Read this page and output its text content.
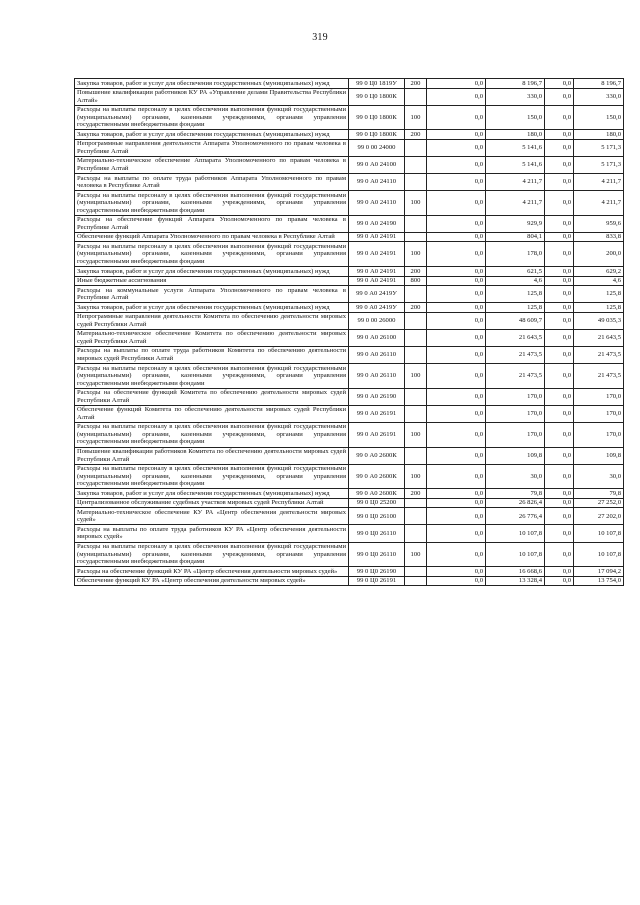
319
Закупка товаров, работ и услуг для обеспечения государственных (муниципальных) нужд	99 0 Ц0 1819У	200	0,0	8 196,7	0,0	8 196,7
Повышение квалификации работников КУ РА «Управление делами Правительства Республики Алтай»	99 0 Ц0 1800К		0,0	330,0	0,0	330,0
Расходы на выплаты персоналу в целях обеспечения выполнения функций государственными (муниципальными) органами, казенными учреждениями, органами управления государственными внебюджетными фондами	99 0 Ц0 1800К	100	0,0	150,0	0,0	150,0
Закупка товаров, работ и услуг для обеспечения государственных (муниципальных) нужд	99 0 Ц0 1800К	200	0,0	180,0	0,0	180,0
Непрограммные направления деятельности Аппарата Уполномоченного по правам человека в Республике Алтай	99 0 00 24000		0,0	5 141,6	0,0	5 171,3
Материально-техническое обеспечение Аппарата Уполномоченного по правам человека в Республике Алтай	99 0 А0 24100		0,0	5 141,6	0,0	5 171,3
Расходы на выплаты по оплате труда работников Аппарата Уполномоченного по правам человека в Республике Алтай	99 0 А0 24110		0,0	4 211,7	0,0	4 211,7
Расходы на выплаты персоналу в целях обеспечения выполнения функций государственными (муниципальными) органами, казенными учреждениями, органами управления государственными внебюджетными фондами	99 0 А0 24110	100	0,0	4 211,7	0,0	4 211,7
Расходы на обеспечение функций Аппарата Уполномоченного по правам человека в Республике Алтай	99 0 А0 24190		0,0	929,9	0,0	959,6
Обеспечение функций Аппарата Уполномоченного по правам человека в Республике Алтай	99 0 А0 24191		0,0	804,1	0,0	833,8
Расходы на выплаты персоналу в целях обеспечения выполнения функций государственными (муниципальными) органами, казенными учреждениями, органами управления государственными внебюджетными фондами	99 0 А0 24191	100	0,0	178,0	0,0	200,0
Закупка товаров, работ и услуг для обеспечения государственных (муниципальных) нужд	99 0 А0 24191	200	0,0	621,5	0,0	629,2
Иные бюджетные ассигнования	99 0 А0 24191	800	0,0	4,6	0,0	4,6
Расходы на коммунальные услуги Аппарата Уполномоченного по правам человека в Республике Алтай	99 0 А0 2419У		0,0	125,8	0,0	125,8
Закупка товаров, работ и услуг для обеспечения государственных (муниципальных) нужд	99 0 А0 2419У	200	0,0	125,8	0,0	125,8
Непрограммные направления деятельности Комитета по обеспечению деятельности мировых судей Республики Алтай	99 0 00 26000		0,0	48 609,7	0,0	49 035,3
Материально-техническое обеспечение Комитета по обеспечению деятельности мировых судей Республики Алтай	99 0 А0 26100		0,0	21 643,5	0,0	21 643,5
Расходы на выплаты по оплате труда работников Комитета по обеспечению деятельности мировых судей Республики Алтай	99 0 А0 26110		0,0	21 473,5	0,0	21 473,5
Расходы на выплаты персоналу в целях обеспечения выполнения функций государственными (муниципальными) органами, казенными учреждениями, органами управления государственными внебюджетными фондами	99 0 А0 26110	100	0,0	21 473,5	0,0	21 473,5
Расходы на обеспечение функций Комитета по обеспечению деятельности мировых судей Республики Алтай	99 0 А0 26190		0,0	170,0	0,0	170,0
Обеспечение функций Комитета по обеспечению деятельности мировых судей Республики Алтай	99 0 А0 26191		0,0	170,0	0,0	170,0
Расходы на выплаты персоналу в целях обеспечения выполнения функций государственными (муниципальными) органами, казенными учреждениями, органами управления государственными внебюджетными фондами	99 0 А0 26191	100	0,0	170,0	0,0	170,0
Повышение квалификации работников Комитета по обеспечению деятельности мировых судей Республики Алтай	99 0 А0 2600К		0,0	109,8	0,0	109,8
Расходы на выплаты персоналу в целях обеспечения выполнения функций государственными (муниципальными) органами, казенными учреждениями, органами управления государственными внебюджетными фондами	99 0 А0 2600К	100	0,0	30,0	0,0	30,0
Закупка товаров, работ и услуг для обеспечения государственных (муниципальных) нужд	99 0 А0 2600К	200	0,0	79,8	0,0	79,8
Централизованное обслуживание судебных участков мировых судей Республики Алтай	99 0 Ц0 25200		0,0	26 826,4	0,0	27 252,0
Материально-техническое обеспечение КУ РА «Центр обеспечения деятельности мировых судей»	99 0 Ц0 26100		0,0	26 776,4	0,0	27 202,0
Расходы на выплаты по оплате труда работников КУ РА «Центр обеспечения деятельности мировых судей»	99 0 Ц0 26110		0,0	10 107,8	0,0	10 107,8
Расходы на выплаты персоналу в целях обеспечения выполнения функций государственными (муниципальными) органами, казенными учреждениями, органами управления государственными внебюджетными фондами	99 0 Ц0 26110	100	0,0	10 107,8	0,0	10 107,8
Расходы на обеспечение функций КУ РА «Центр обеспечения деятельности мировых судей»	99 0 Ц0 26190		0,0	16 668,6	0,0	17 094,2
Обеспечение функций КУ РА «Центр обеспечения деятельности мировых судей»	99 0 Ц0 26191		0,0	13 328,4	0,0	13 754,0
